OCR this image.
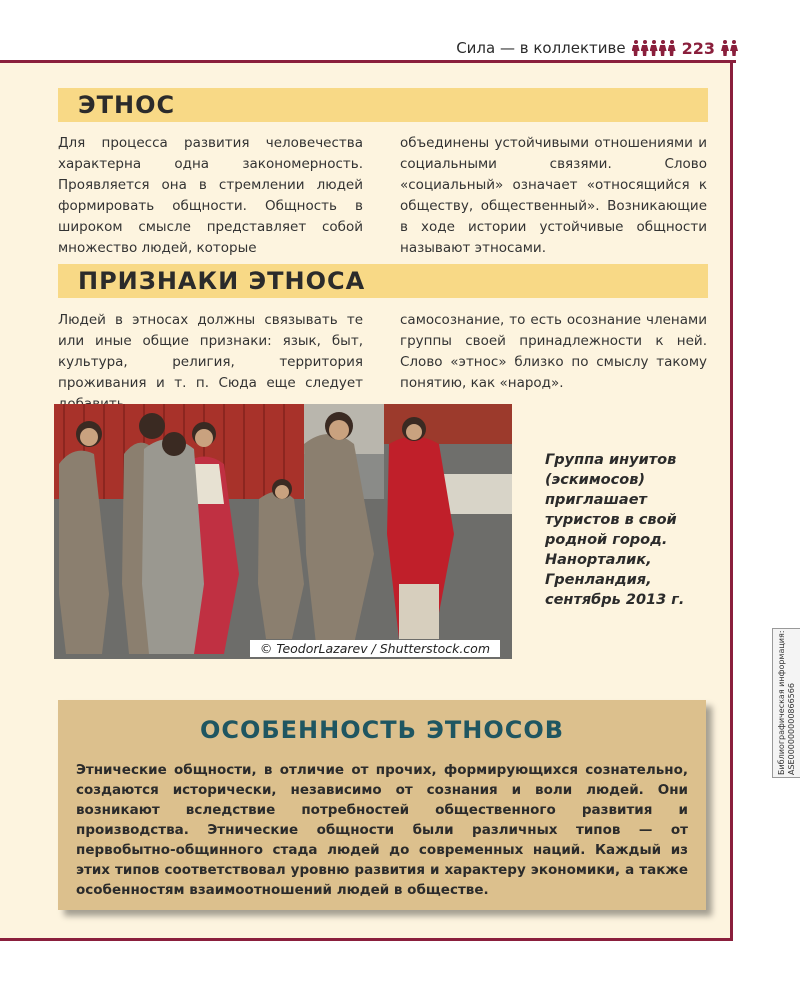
Сила — в коллективе	223
ЭТНОС
Для процесса развития человечества характерна одна закономерность. Проявляется она в стремлении людей формировать общности. Общность в широком смысле представляет собой множество людей, которые
объединены устойчивыми отношениями и социальными связями. Слово «социальный» означает «относящийся к обществу, общественный». Возникающие в ходе истории устойчивые общности называют этносами.
ПРИЗНАКИ ЭТНОСА
Людей в этносах должны связывать те или иные общие признаки: язык, быт, культура, религия, территория проживания и т. п. Сюда еще следует
самосознание, то есть осознание членами группы своей принадлежности к ней. Слово «этнос» близко по смыслу такому понятию, как «народ».
© TeodorLazarev / Shutterstock.com
Группа инуитов (эскимосов) приглашает туристов в свой родной город. Нанорталик, Гренландия, сентябрь 2013 г.
ОСОБЕННОСТЬ ЭТНОСОВ
Этнические общности, в отличие от прочих, формирующихся сознательно, создаются исторически, независимо от сознания и воли людей. Они возникают вследствие потребностей общественного развития и производства. Этнические общности были различных типов — от первобытно-общинного стада людей до современных наций. Каждый из этих типов соответствовал уровню развития и характеру экономики, а также особенностям взаимоотношений людей в обществе.
Библиографическая информация: ASE000000000866566
